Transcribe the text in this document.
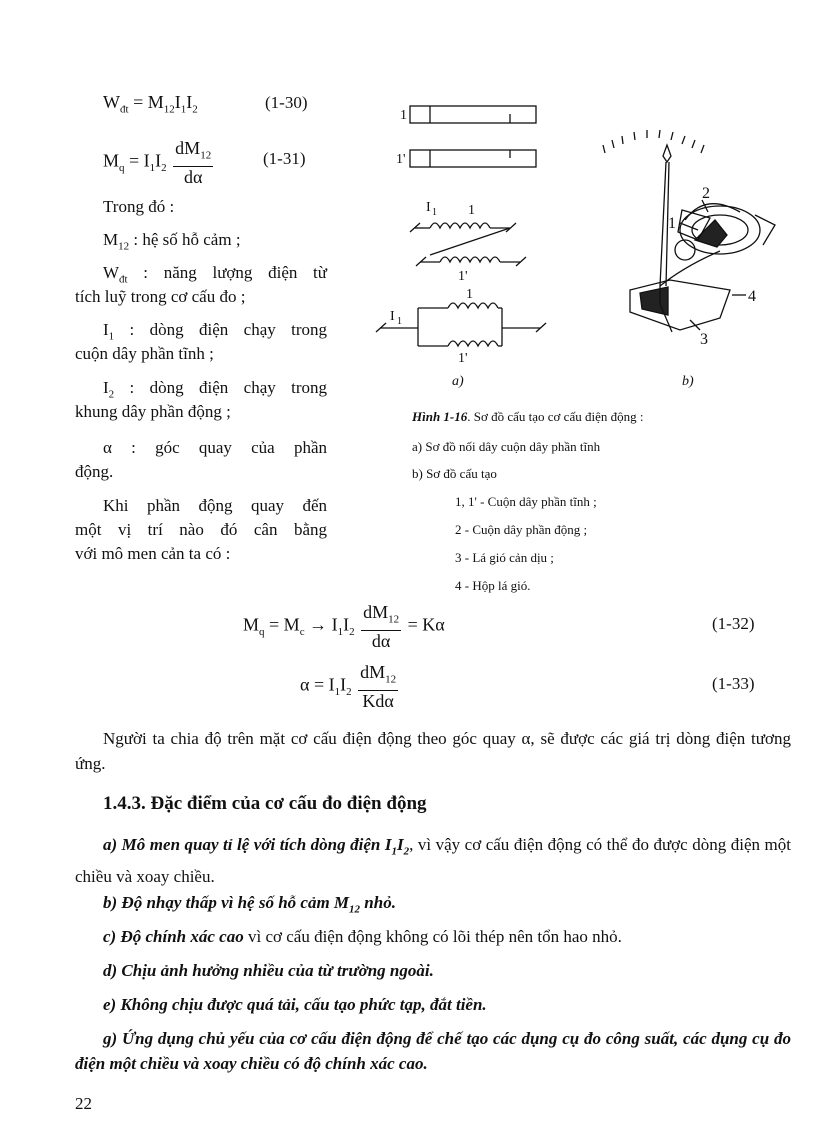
$W_{đt} = M_{12}I_1I_2$	(1-30)
$M_q = I_1I_2 \frac{dM_{12}}{d\alpha}$	(1-31)
Trong đó :
$M_{12}$ : hệ số hỗ cảm ;
$W_{đt}$ : năng lượng điện từ
tích luỹ trong cơ cấu đo ;
$I_1$ : dòng điện chạy trong
cuộn dây phần tĩnh ;
$I_2$ : dòng điện chạy trong
khung dây phần động ;
α : góc quay của phần
động.
Khi phần động quay đến
một vị trí nào đó cân bằng
với mô men cản ta có :
1
1'
I 1 1
1'
I 1
1
1'
a)	b)
2
1
4
3
Hình 1-16. Sơ đồ cấu tạo cơ cấu điện động :
a) Sơ đồ nối dây cuộn dây phần tĩnh
b) Sơ đồ cấu tạo
1, 1' - Cuộn dây phần tĩnh ;
2 - Cuộn dây phần động ;
3 - Lá gió cản dịu ;
4 - Hộp lá gió.
$M_q = M_c \to I_1I_2 \frac{dM_{12}}{d\alpha} = K\alpha$	(1-32)
$\alpha = I_1I_2 \frac{dM_{12}}{\text{Kdα}}$	(1-33)
Người ta chia độ trên mặt cơ cấu điện động theo góc quay α, sẽ được các giá trị dòng điện tương ứng.
1.4.3. Đặc điểm của cơ cấu đo điện động
a) Mô men quay tỉ lệ với tích dòng điện $I_1I_2$, vì vậy cơ cấu điện động có thể đo được dòng điện một chiều và xoay chiều.
b) Độ nhạy thấp vì hệ số hỗ cảm $M_{12}$ nhỏ.
c) Độ chính xác cao vì cơ cấu điện động không có lõi thép nên tổn hao nhỏ.
d) Chịu ảnh hưởng nhiều của từ trường ngoài.
e) Không chịu được quá tải, cấu tạo phức tạp, đắt tiền.
g) Ứng dụng chủ yếu của cơ cấu điện động để chế tạo các dụng cụ đo công suất, các dụng cụ đo điện một chiều và xoay chiều có độ chính xác cao.
22
